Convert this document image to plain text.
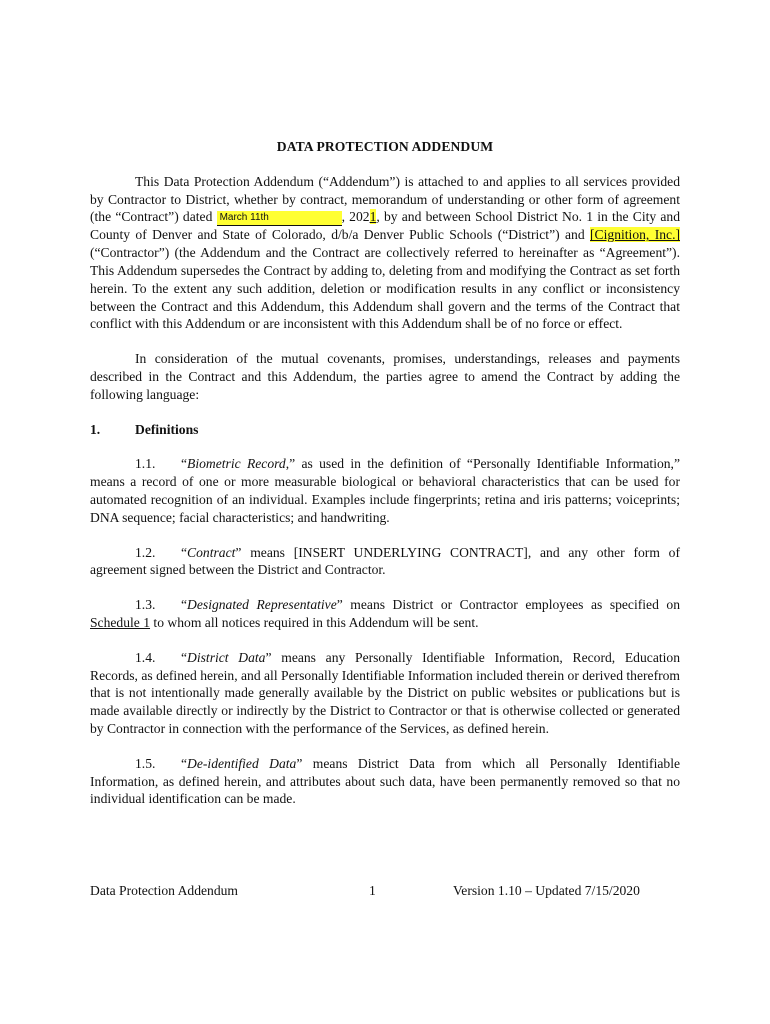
DATA PROTECTION ADDENDUM

This Data Protection Addendum (“Addendum”) is attached to and applies to all services provided by Contractor to District, whether by contract, memorandum of understanding or other form of agreement (the “Contract”) dated March 11th	, 2021, by and between School District No. 1 in the City and County of Denver and State of Colorado, d/b/a Denver Public Schools (“District”) and [Cignition, Inc.] (“Contractor”) (the Addendum and the Contract are collectively referred to hereinafter as “Agreement”). This Addendum supersedes the Contract by adding to, deleting from and modifying the Contract as set forth herein. To the extent any such addition, deletion or modification results in any conflict or inconsistency between the Contract and this Addendum, this Addendum shall govern and the terms of the Contract that conflict with this Addendum or are inconsistent with this Addendum shall be of no force or effect.

In consideration of the mutual covenants, promises, understandings, releases and payments described in the Contract and this Addendum, the parties agree to amend the Contract by adding the following language:

1.	Definitions

1.1. “Biometric Record,” as used in the definition of “Personally Identifiable Information,” means a record of one or more measurable biological or behavioral characteristics that can be used for automated recognition of an individual. Examples include fingerprints; retina and iris patterns; voiceprints; DNA sequence; facial characteristics; and handwriting.

1.2. “Contract” means [INSERT UNDERLYING CONTRACT], and any other form of agreement signed between the District and Contractor.

1.3. “Designated Representative” means District or Contractor employees as specified on Schedule 1 to whom all notices required in this Addendum will be sent.

1.4. “District Data” means any Personally Identifiable Information, Record, Education Records, as defined herein, and all Personally Identifiable Information included therein or derived therefrom that is not intentionally made generally available by the District on public websites or publications but is made available directly or indirectly by the District to Contractor or that is otherwise collected or generated by Contractor in connection with the performance of the Services, as defined herein.

1.5. “De-identified Data” means District Data from which all Personally Identifiable Information, as defined herein, and attributes about such data, have been permanently removed so that no individual identification can be made.

Data Protection Addendum	1	Version 1.10 – Updated 7/15/2020
